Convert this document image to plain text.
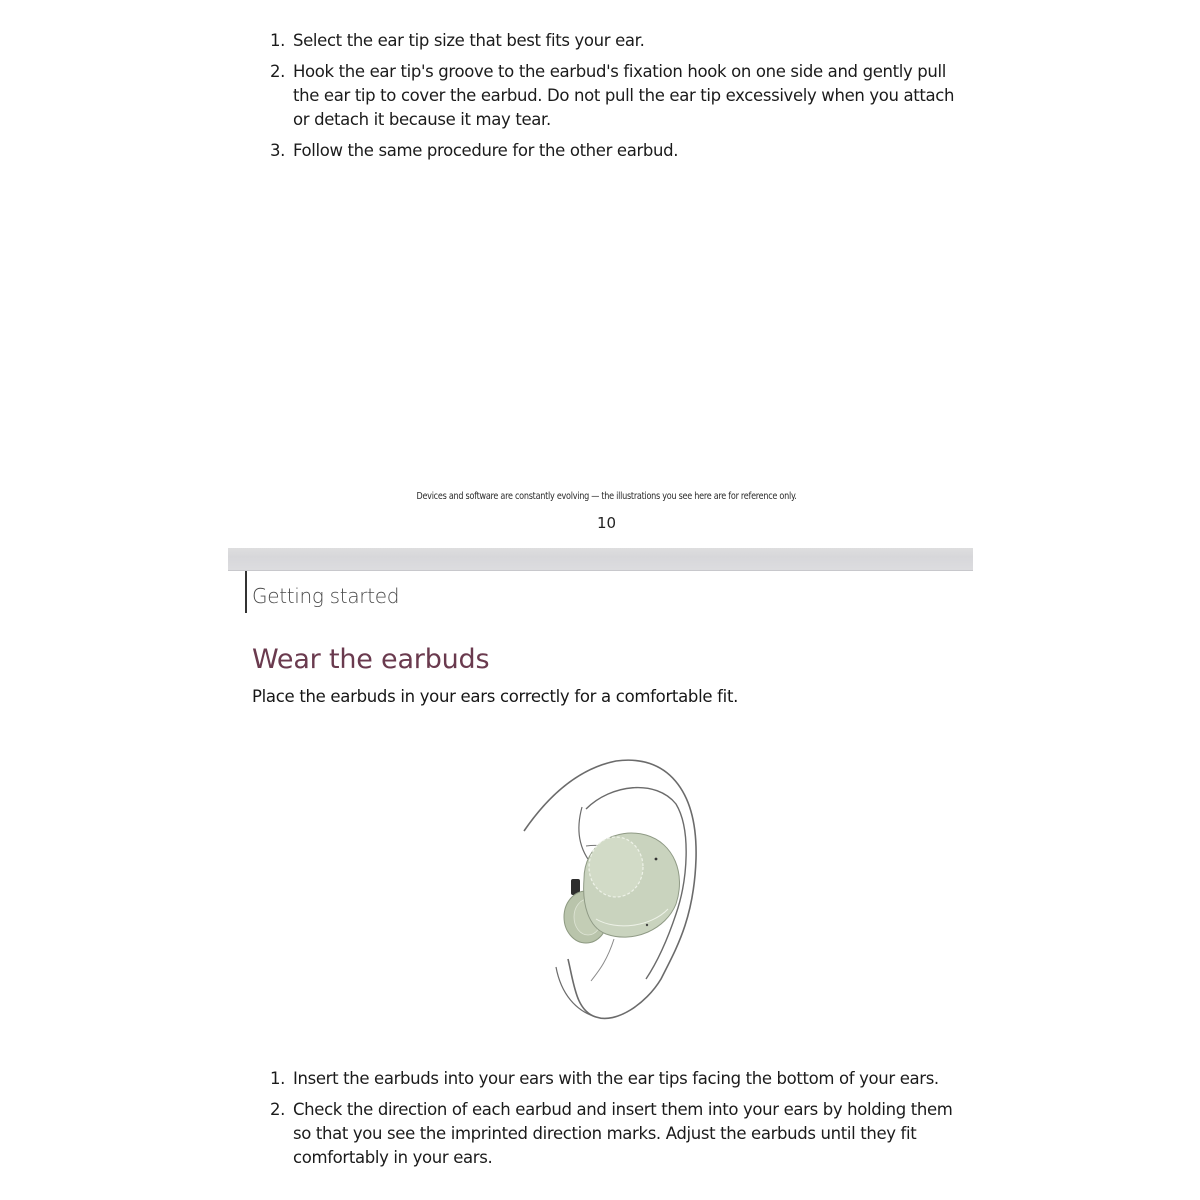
1. Select the ear tip size that best fits your ear.
2. Hook the ear tip's groove to the earbud's fixation hook on one side and gently pull the ear tip to cover the earbud. Do not pull the ear tip excessively when you attach or detach it because it may tear.
3. Follow the same procedure for the other earbud.
Devices and software are constantly evolving — the illustrations you see here are for reference only.
10
Getting started
Wear the earbuds
Place the earbuds in your ears correctly for a comfortable fit.
1. Insert the earbuds into your ears with the ear tips facing the bottom of your ears.
2. Check the direction of each earbud and insert them into your ears by holding them so that you see the imprinted direction marks. Adjust the earbuds until they fit comfortably in your ears.
